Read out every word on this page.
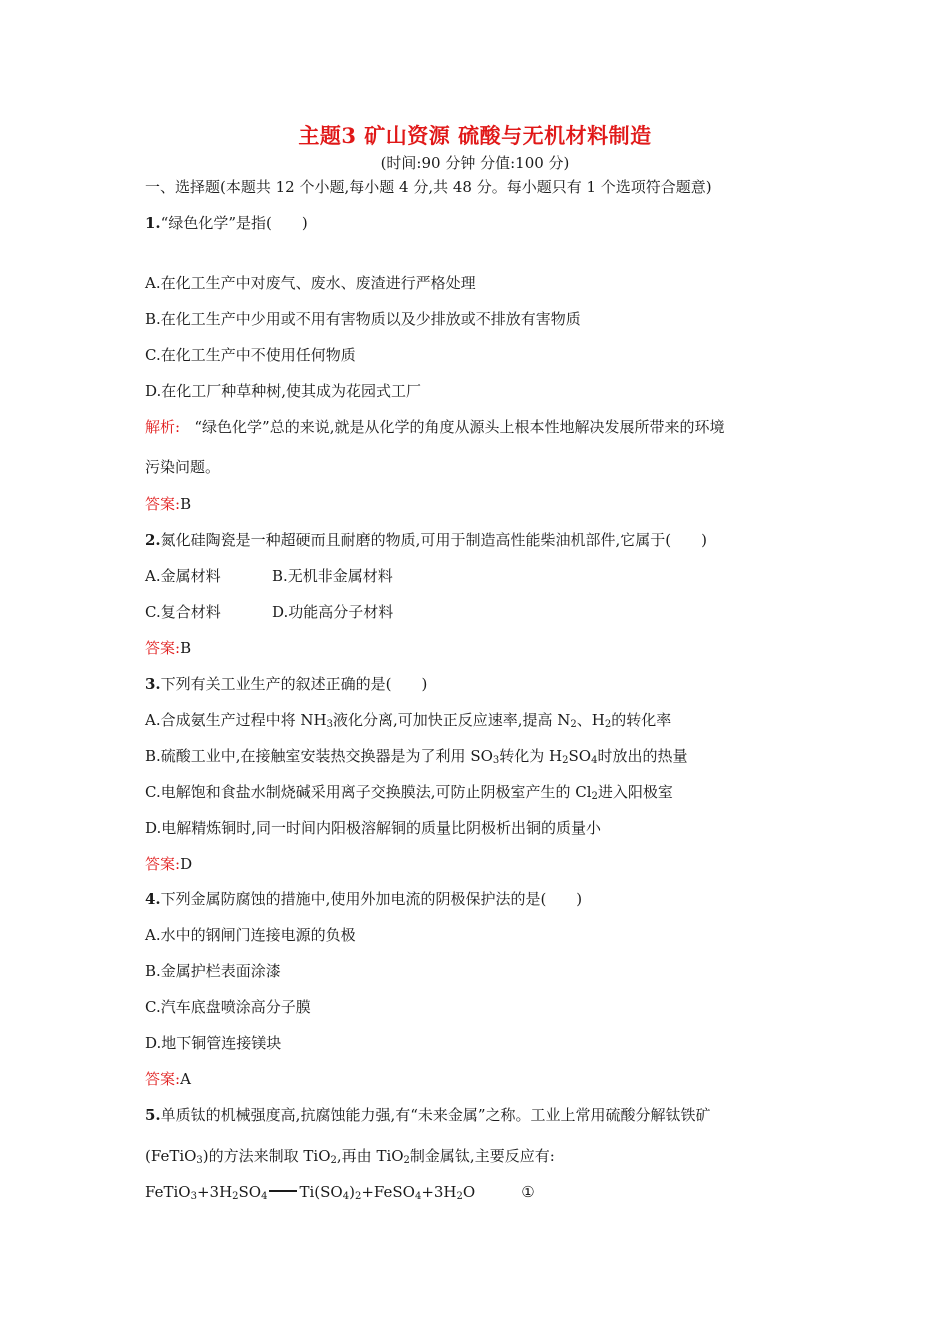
主题3 矿山资源 硫酸与无机材料制造
(时间:90 分钟 分值:100 分)
一、选择题(本题共 12 个小题,每小题 4 分,共 48 分。每小题只有 1 个选项符合题意)
1.“绿色化学”是指(　　)
A.在化工生产中对废气、废水、废渣进行严格处理
B.在化工生产中少用或不用有害物质以及少排放或不排放有害物质
C.在化工生产中不使用任何物质
D.在化工厂种草种树,使其成为花园式工厂
解析: “绿色化学”总的来说,就是从化学的角度从源头上根本性地解决发展所带来的环境
污染问题。
答案:B
2.氮化硅陶瓷是一种超硬而且耐磨的物质,可用于制造高性能柴油机部件,它属于(　　)
A.金属材料	B.无机非金属材料
C.复合材料	D.功能高分子材料
答案:B
3.下列有关工业生产的叙述正确的是(　　)
A.合成氨生产过程中将 $NH_3$液化分离,可加快正反应速率,提高 $N_2$、$H_2$的转化率
B.硫酸工业中,在接触室安装热交换器是为了利用 $SO_3$转化为 $H_2SO_4$时放出的热量
C.电解饱和食盐水制烧碱采用离子交换膜法,可防止阴极室产生的 $Cl_2$进入阳极室
D.电解精炼铜时,同一时间内阳极溶解铜的质量比阴极析出铜的质量小
答案:D
4.下列金属防腐蚀的措施中,使用外加电流的阴极保护法的是(　　)
A.水中的钢闸门连接电源的负极
B.金属护栏表面涂漆
C.汽车底盘喷涂高分子膜
D.地下铜管连接镁块
答案:A
5.单质钛的机械强度高,抗腐蚀能力强,有“未来金属”之称。工业上常用硫酸分解钛铁矿
(FeTiO$_3$)的方法来制取 TiO$_2$,再由 TiO$_2$制金属钛,主要反应有:
$FeTiO_3+3H_2SO_4$ $Ti(SO_4)_2+FeSO_4+3H_2O$	①
